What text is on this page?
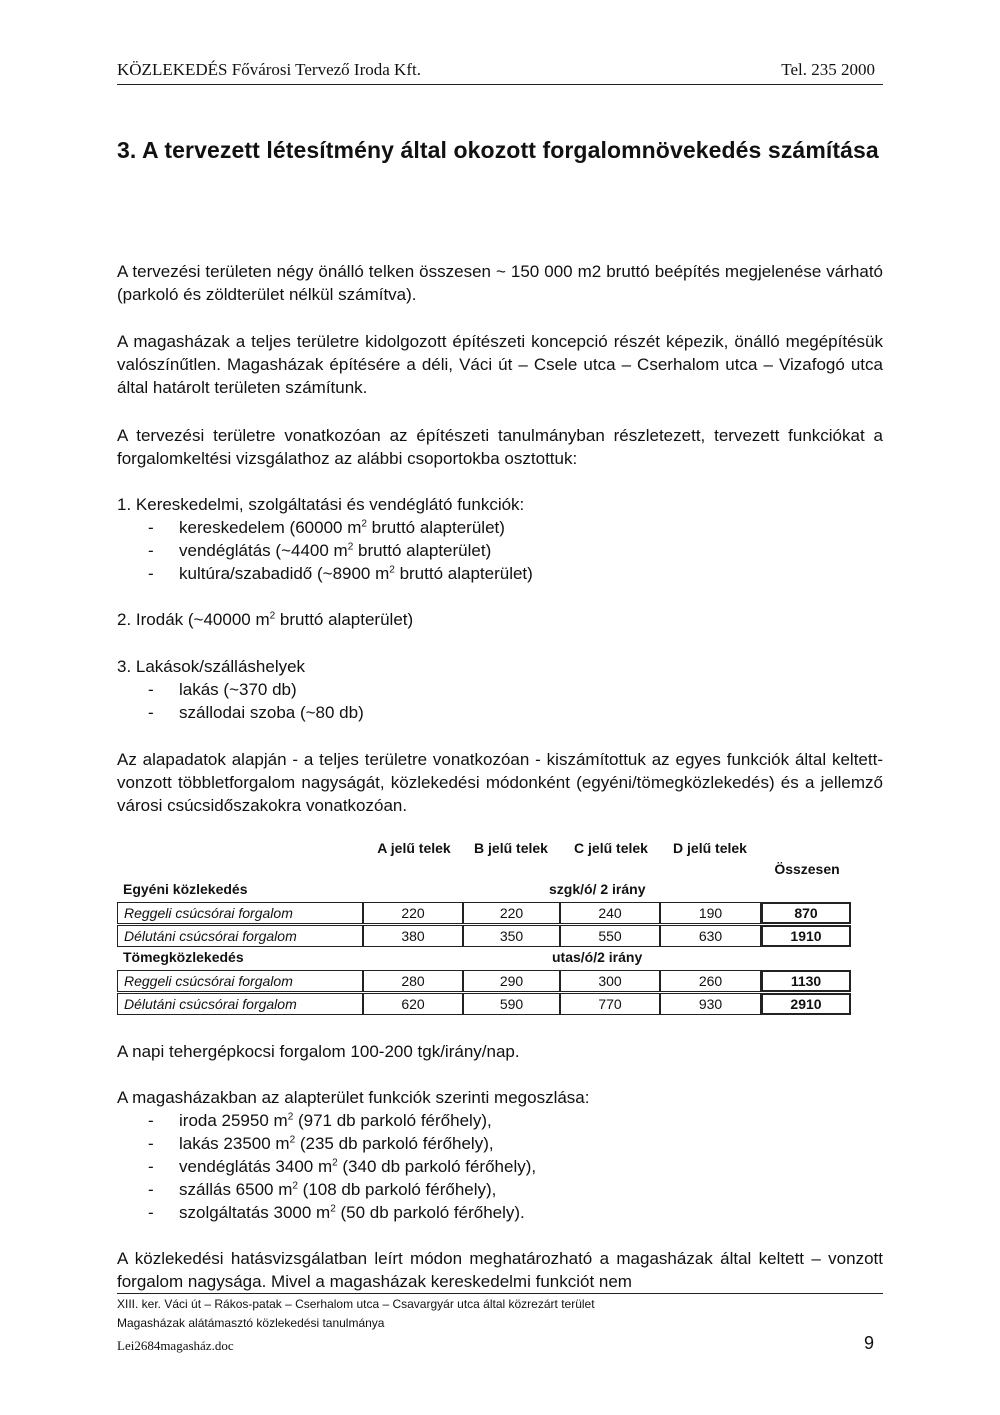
KÖZLEKEDÉS Fővárosi Tervező Iroda Kft.	Tel. 235 2000
3. A tervezett létesítmény által okozott forgalomnövekedés számítása

A tervezési területen négy önálló telken összesen ~ 150 000 m2 bruttó beépítés megjelenése várható (parkoló és zöldterület nélkül számítva).

A magasházak a teljes területre kidolgozott építészeti koncepció részét képezik, önálló megépítésük valószínűtlen. Magasházak építésére a déli, Váci út – Csele utca – Cserhalom utca – Vizafogó utca által határolt területen számítunk.

A tervezési területre vonatkozóan az építészeti tanulmányban részletezett, tervezett funkciókat a forgalomkeltési vizsgálathoz az alábbi csoportokba osztottuk:

1. Kereskedelmi, szolgáltatási és vendéglátó funkciók:
- kereskedelem (60000 $m^2$ bruttó alapterület)
- vendéglátás (~4400 $m^2$ bruttó alapterület)
- kultúra/szabadidő (~8900 $m^2$ bruttó alapterület)
2. Irodák (~40000 $m^2$ bruttó alapterület)
3. Lakások/szálláshelyek
- lakás (~370 db)
- szállodai szoba (~80 db)

Az alapadatok alapján - a teljes területre vonatkozóan - kiszámítottuk az egyes funkciók által keltett-vonzott többletforgalom nagyságát, közlekedési módonként (egyéni/tömegközlekedés) és a jellemző városi csúcsidőszakokra vonatkozóan.

A jelű telek B jelű telek C jelű telek D jelű telek
Összesen
Egyéni közlekedés	szgk/ó/ 2 irány
Reggeli csúcsórai forgalom	220	220	240	190	870
Délutáni csúcsórai forgalom	380	350	550	630	1910
Tömegközlekedés	utas/ó/2 irány
Reggeli csúcsórai forgalom	280	290	300	260	1130
Délutáni csúcsórai forgalom	620	590	770	930	2910

A napi tehergépkocsi forgalom 100-200 tgk/irány/nap.

A magasházakban az alapterület funkciók szerinti megoszlása:

- iroda 25950 $m^2$ (971 db parkoló férőhely),
- lakás 23500 $m^2$ (235 db parkoló férőhely),
- vendéglátás 3400 $m^2$ (340 db parkoló férőhely),
- szállás 6500 $m^2$ (108 db parkoló férőhely),
- szolgáltatás 3000 $m^2$ (50 db parkoló férőhely).

A közlekedési hatásvizsgálatban leírt módon meghatározható a magasházak által keltett – vonzott forgalom nagysága. Mivel a magasházak kereskedelmi funkciót nem

XIII. ker. Váci út – Rákos-patak – Cserhalom utca – Csavargyár utca által közrezárt terület
Magasházak alátámasztó közlekedési tanulmánya
Lei2684magasház.doc	9
